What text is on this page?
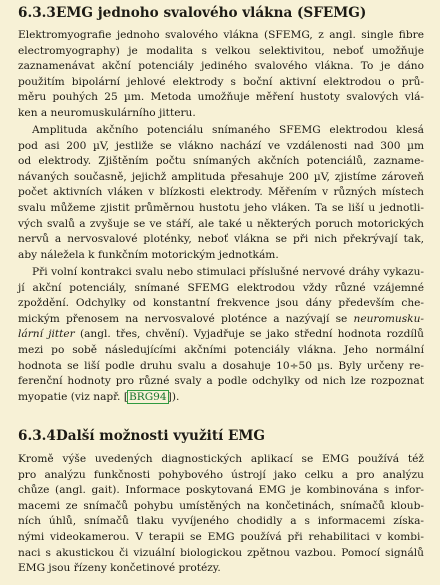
6.3.3EMG jednoho svalového vlákna (SFEMG)
Elektromyografie jednoho svalového vlákna (SFEMG, z angl. single fibre
electromyography) je modalita s velkou selektivitou, neboť umožňuje
zaznamenávat akční potenciály jediného svalového vlákna. To je dáno
použitím bipolární jehlové elektrody s boční aktivní elektrodou o prů-
měru pouhých 25 µm. Metoda umožňuje měření hustoty svalových vlá-
ken a neuromuskulárního jitteru.
Amplituda akčního potenciálu snímaného SFEMG elektrodou klesá
pod asi 200 µV, jestliže se vlákno nachází ve vzdálenosti nad 300 µm
od elektrody. Zjištěním počtu snímaných akčních potenciálů, zazname-
návaných současně, jejichž amplituda přesahuje 200 µV, zjistíme zároveň
počet aktivních vláken v blízkosti elektrody. Měřením v různých místech
svalu můžeme zjistit průměrnou hustotu jeho vláken. Ta se liší u jednotli-
vých svalů a zvyšuje se ve stáří, ale také u některých poruch motorických
nervů a nervosvalové ploténky, neboť vlákna se při nich překrývají tak,
aby náležela k funkčním motorickým jednotkám.
Při volní kontrakci svalu nebo stimulaci příslušné nervové dráhy vykazu-
jí akční potenciály, snímané SFEMG elektrodou vždy různé vzájemné
zpoždění. Odchylky od konstantní frekvence jsou dány především che-
mickým přenosem na nervosvalové ploténce a nazývají se neuromusku-
lární jitter (angl. třes, chvění). Vyjadřuje se jako střední hodnota rozdílů
mezi po sobě následujícími akčními potenciály vlákna. Jeho normální
hodnota se liší podle druhu svalu a dosahuje 10÷50 µs. Byly určeny re-
ferenční hodnoty pro různé svaly a podle odchylky od nich lze rozpoznat
myopatie (viz např. [BRG94]).
6.3.4Další možnosti využití EMG
Kromě výše uvedených diagnostických aplikací se EMG používá též
pro analýzu funkčnosti pohybového ústrojí jako celku a pro analýzu
chůze (angl. gait). Informace poskytovaná EMG je kombinována s infor-
macemi ze snímačů pohybu umístěných na končetinách, snímačů kloub-
ních úhlů, snímačů tlaku vyvíjeného chodidly a s informacemi získa-
nými videokamerou. V terapii se EMG používá při rehabilitaci v kombi-
naci s akustickou či vizuální biologickou zpětnou vazbou. Pomocí signálů
EMG jsou řízeny končetinové protézy.
